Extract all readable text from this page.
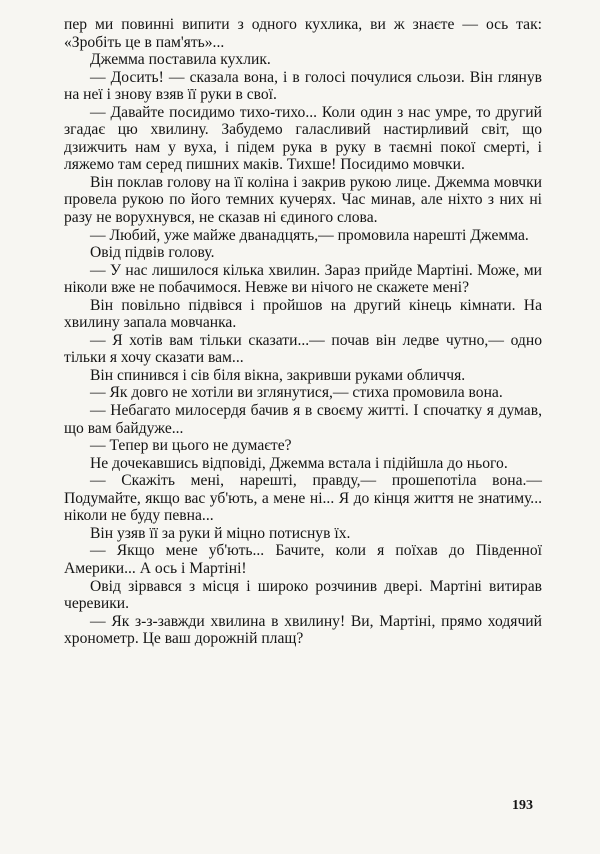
пер ми повинні випити з одного кухлика, ви ж знаєте — ось так: «Зробіть це в пам'ять»...

Джемма поставила кухлик.

— Досить! — сказала вона, і в голосі почулися сльози. Він глянув на неї і знову взяв її руки в свої.

— Давайте посидимо тихо-тихо... Коли один з нас умре, то другий згадає цю хвилину. Забудемо галасливий настирливий світ, що дзижчить нам у вуха, і підем рука в руку в таємні покої смерті, і ляжемо там серед пишних маків. Тихше! Посидимо мовчки.

Він поклав голову на її коліна і закрив рукою лице. Джемма мовчки провела рукою по його темних кучерях. Час минав, але ніхто з них ні разу не ворухнувся, не сказав ні єдиного слова.

— Любий, уже майже дванадцять,— промовила нарешті Джемма.

Овід підвів голову.

— У нас лишилося кілька хвилин. Зараз прийде Мартіні. Може, ми ніколи вже не побачимося. Невже ви нічого не скажете мені?

Він повільно підвівся і пройшов на другий кінець кімнати. На хвилину запала мовчанка.

— Я хотів вам тільки сказати...— почав він ледве чутно,— одно тільки я хочу сказати вам...

Він спинився і сів біля вікна, закривши руками обличчя.

— Як довго не хотіли ви зглянутися,— стиха промовила вона.

— Небагато милосердя бачив я в своєму житті. І спочатку я думав, що вам байдуже...

— Тепер ви цього не думаєте?

Не дочекавшись відповіді, Джемма встала і підійшла до нього.

— Скажіть мені, нарешті, правду,— прошепотіла вона.— Подумайте, якщо вас уб'ють, а мене ні... Я до кінця життя не знатиму... ніколи не буду певна...

Він узяв її за руки й міцно потиснув їх.

— Якщо мене уб'ють... Бачите, коли я поїхав до Південної Америки... А ось і Мартіні!

Овід зірвався з місця і широко розчинив двері. Мартіні витирав черевики.

— Як з-з-завжди хвилина в хвилину! Ви, Мартіні, прямо ходячий хронометр. Це ваш дорожній плащ?

193
